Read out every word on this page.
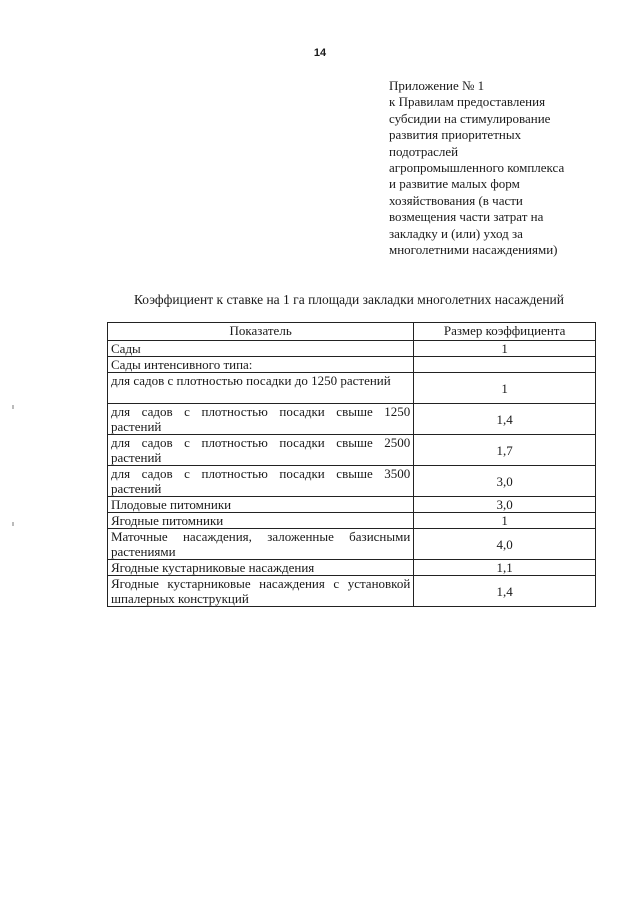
14
Приложение № 1
к Правилам предоставления
субсидии на стимулирование
развития приоритетных
подотраслей
агропромышленного комплекса
и развитие малых форм
хозяйствования (в части
возмещения части затрат на
закладку и (или) уход за
многолетними насаждениями)
Коэффициент к ставке на 1 га площади закладки многолетних насаждений
Показатель	Размер коэффициента
Сады	1
Сады интенсивного типа:	
для садов с плотностью посадки до 1250 растений	1
для садов с плотностью посадки свыше 1250 растений	1,4
для садов с плотностью посадки свыше 2500 растений	1,7
для садов с плотностью посадки свыше 3500 растений	3,0
Плодовые питомники	3,0
Ягодные питомники	1
Маточные насаждения, заложенные базисными растениями	4,0
Ягодные кустарниковые насаждения	1,1
Ягодные кустарниковые насаждения с установкой шпалерных конструкций	1,4
